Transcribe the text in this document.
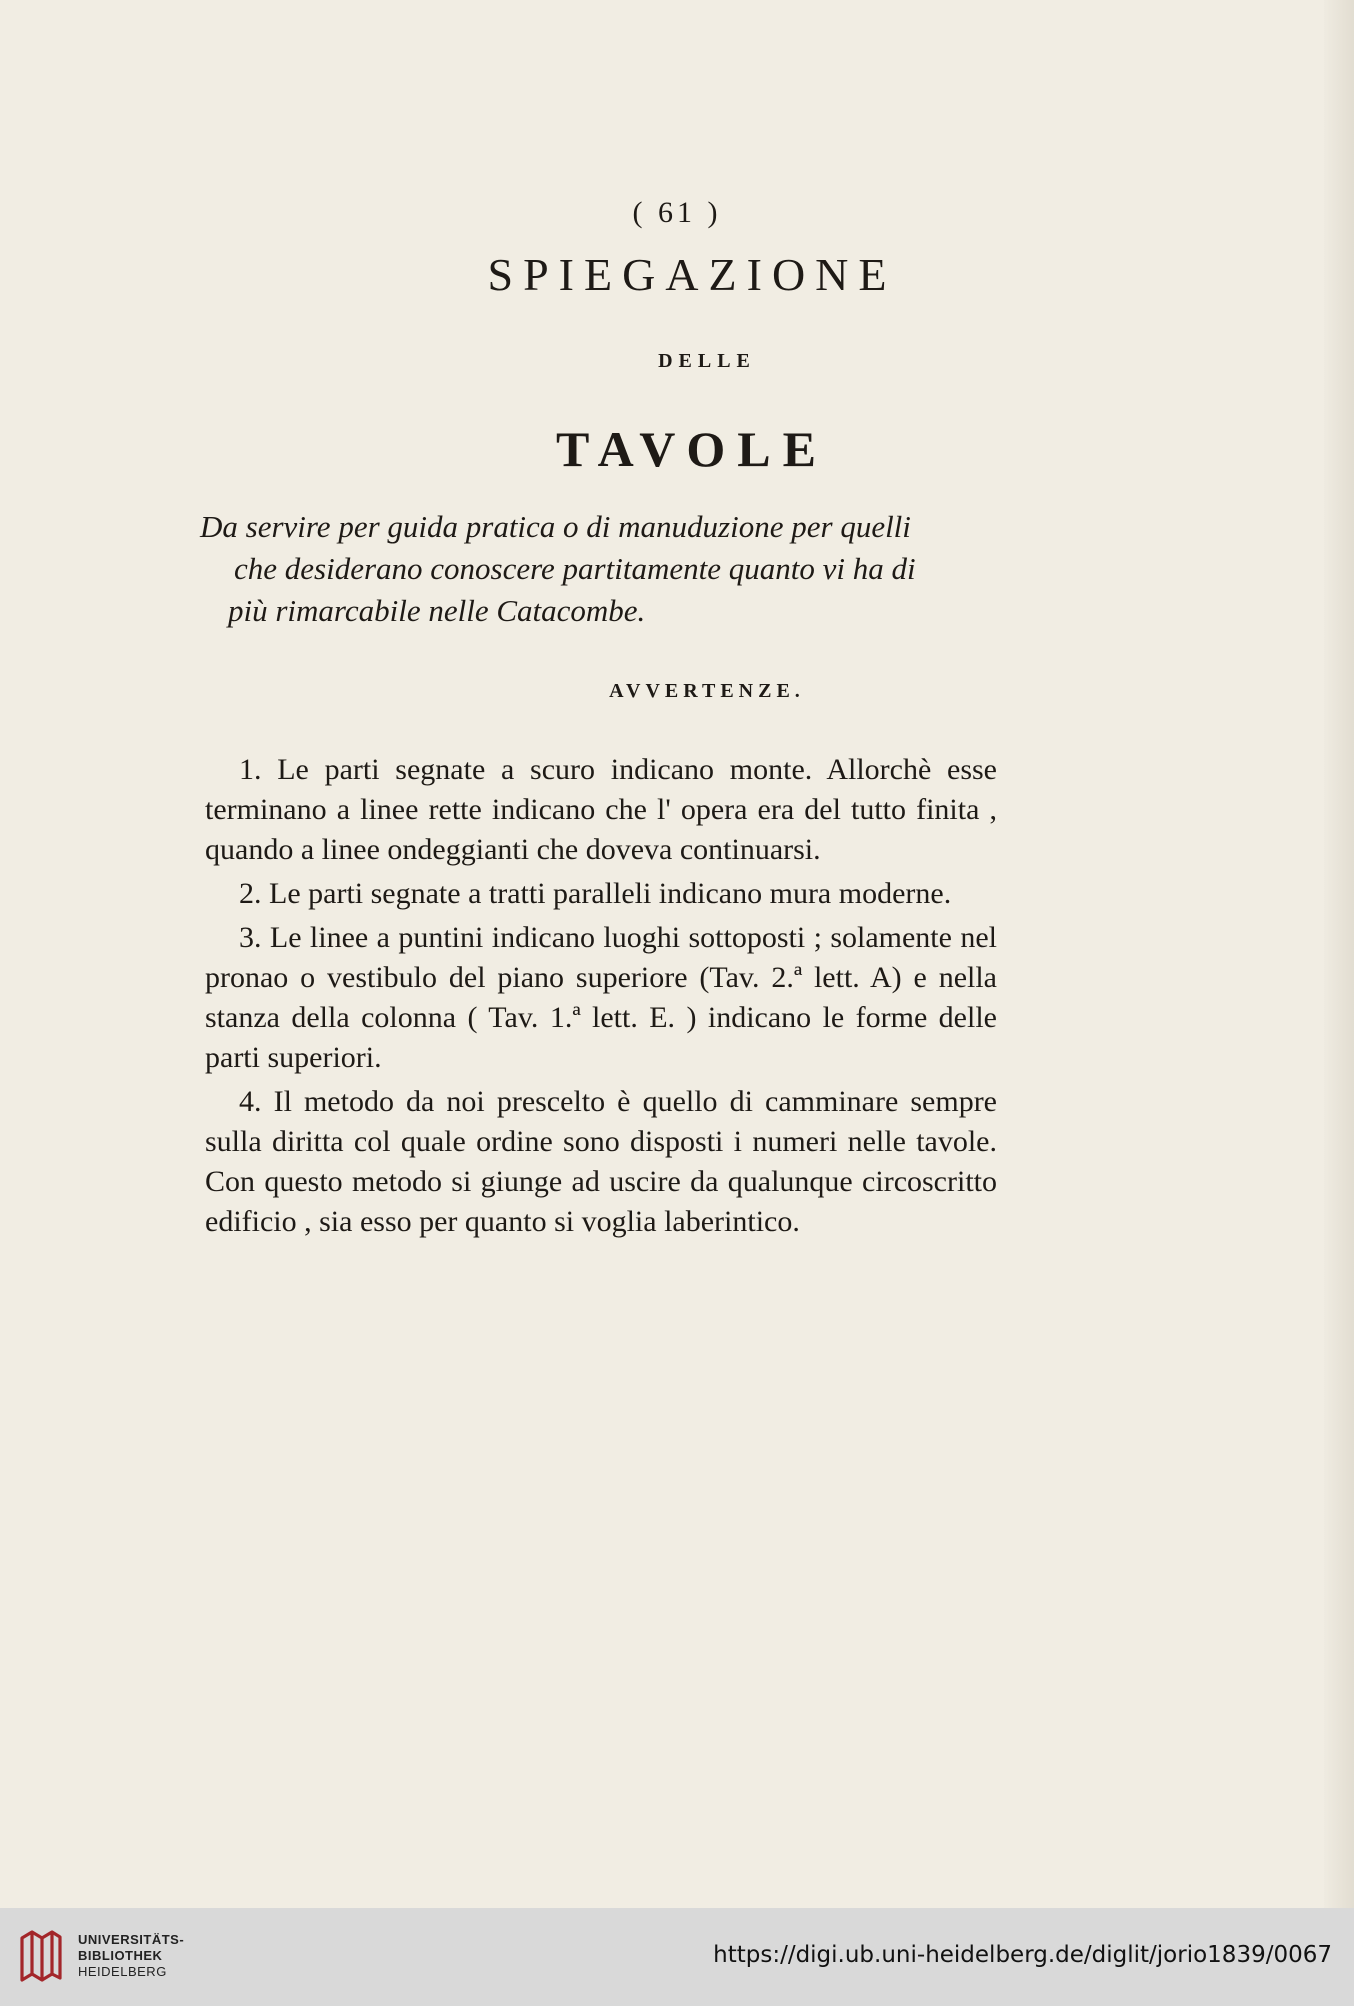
( 61 )
SPIEGAZIONE
DELLE
TAVOLE
Da servire per guida pratica o di manuduzione per quelli
che desiderano conoscere partitamente quanto vi ha di
più rimarcabile nelle Catacombe.
AVVERTENZE.

1. Le parti segnate a scuro indicano monte. Allorchè esse terminano a linee rette indicano che l' opera era del tutto finita , quando a linee ondeggianti che doveva continuarsi.

2. Le parti segnate a tratti paralleli indicano mura moderne.

3. Le linee a puntini indicano luoghi sottoposti ; solamente nel pronao o vestibulo del piano superiore (Tav. 2.ª lett. A) e nella stanza della colonna ( Tav. 1.ª lett. E. ) indicano le forme delle parti superiori.

4. Il metodo da noi prescelto è quello di camminare sempre sulla diritta col quale ordine sono disposti i numeri nelle tavole. Con questo metodo si giunge ad uscire da qualunque circoscritto edificio , sia esso per quanto si voglia laberintico.

UNIVERSITÄTS-
BIBLIOTHEK
HEIDELBERG
https://digi.ub.uni-heidelberg.de/diglit/jorio1839/0067
